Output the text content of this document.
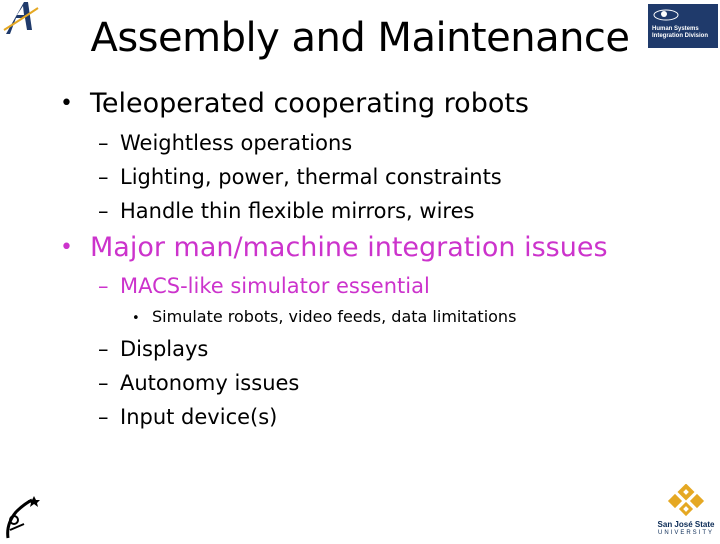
Human Systems
Integration Division
Assembly and Maintenance
• Teleoperated cooperating robots
– Weightless operations
– Lighting, power, thermal constraints
– Handle thin flexible mirrors, wires
• Major man/machine integration issues
– MACS-like simulator essential
• Simulate robots, video feeds, data limitations
– Displays
– Autonomy issues
– Input device(s)
San José State
UNIVERSITY
